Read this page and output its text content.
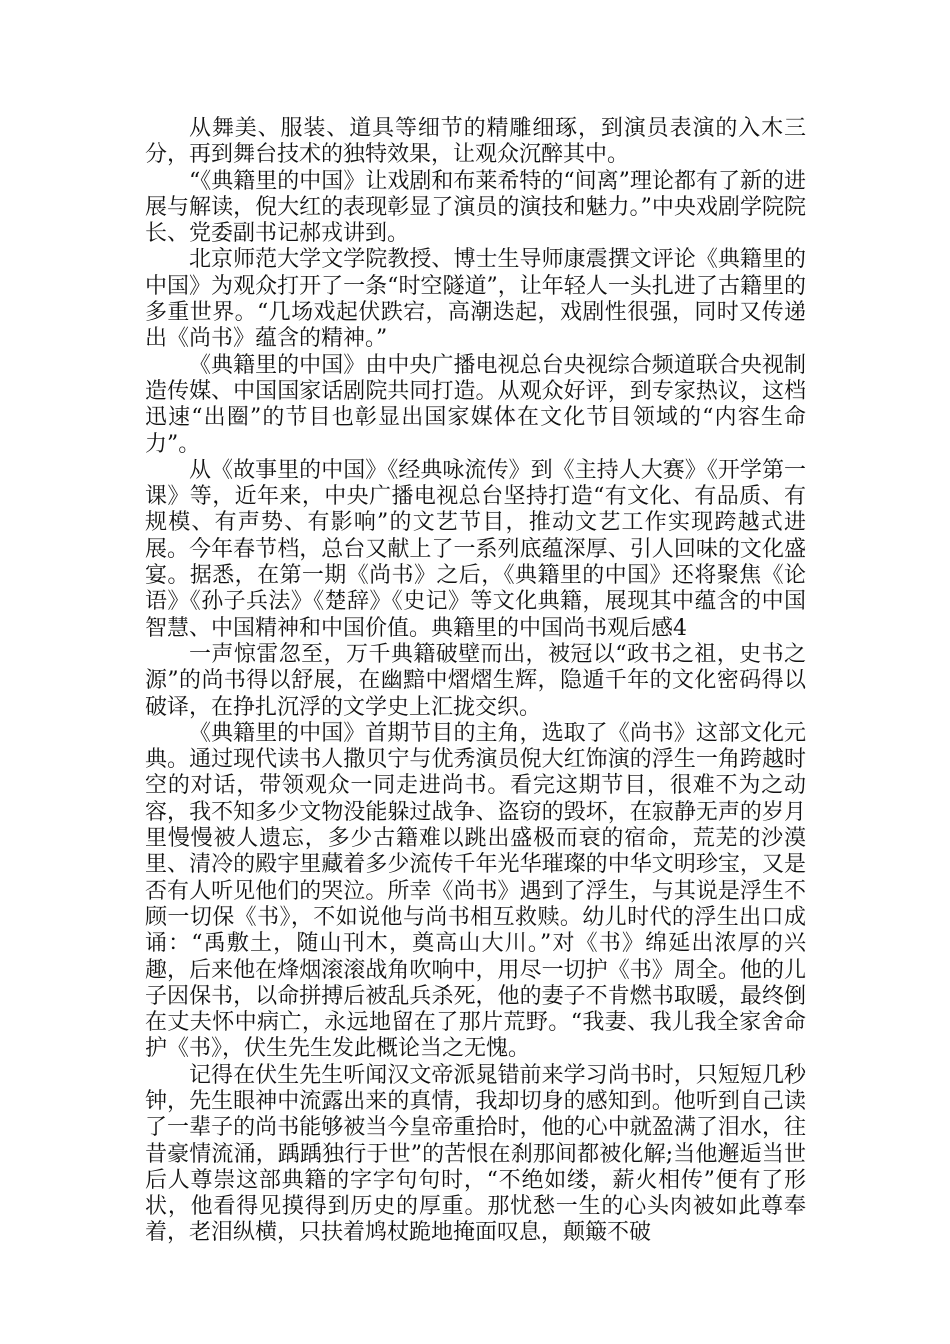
从舞美、服装、道具等细节的精雕细琢，到演员表演的入木三分，再到舞台技术的独特效果，让观众沉醉其中。

“《典籍里的中国》让戏剧和布莱希特的“间离”理论都有了新的进展与解读，倪大红的表现彰显了演员的演技和魅力。”中央戏剧学院院长、党委副书记郝戎讲到。

北京师范大学文学院教授、博士生导师康震撰文评论《典籍里的中国》为观众打开了一条“时空隧道”，让年轻人一头扎进了古籍里的多重世界。“几场戏起伏跌宕，高潮迭起，戏剧性很强，同时又传递出《尚书》蕴含的精神。”

《典籍里的中国》由中央广播电视总台央视综合频道联合央视制造传媒、中国国家话剧院共同打造。从观众好评，到专家热议，这档迅速“出圈”的节目也彰显出国家媒体在文化节目领域的“内容生命力”。

从《故事里的中国》《经典咏流传》到《主持人大赛》《开学第一课》等，近年来，中央广播电视总台坚持打造“有文化、有品质、有规模、有声势、有影响”的文艺节目，推动文艺工作实现跨越式进展。今年春节档，总台又献上了一系列底蕴深厚、引人回味的文化盛宴。据悉，在第一期《尚书》之后，《典籍里的中国》还将聚焦《论语》《孙子兵法》《楚辞》《史记》等文化典籍，展现其中蕴含的中国智慧、中国精神和中国价值。典籍里的中国尚书观后感4

一声惊雷忽至，万千典籍破壁而出，被冠以“政书之祖，史书之源”的尚书得以舒展，在幽黯中熠熠生辉，隐遁千年的文化密码得以破译，在挣扎沉浮的文学史上汇拢交织。

《典籍里的中国》首期节目的主角，选取了《尚书》这部文化元典。通过现代读书人撒贝宁与优秀演员倪大红饰演的浮生一角跨越时空的对话，带领观众一同走进尚书。看完这期节目，很难不为之动容，我不知多少文物没能躲过战争、盗窃的毁坏，在寂静无声的岁月里慢慢被人遗忘，多少古籍难以跳出盛极而衰的宿命，荒芜的沙漠里、清冷的殿宇里藏着多少流传千年光华璀璨的中华文明珍宝，又是否有人听见他们的哭泣。所幸《尚书》遇到了浮生，与其说是浮生不顾一切保《书》，不如说他与尚书相互救赎。幼儿时代的浮生出口成诵：“禹敷土，随山刊木，奠高山大川。”对《书》绵延出浓厚的兴趣，后来他在烽烟滚滚战角吹响中，用尽一切护《书》周全。他的儿子因保书，以命拼搏后被乱兵杀死，他的妻子不肯燃书取暖，最终倒在丈夫怀中病亡，永远地留在了那片荒野。“我妻、我儿我全家舍命护《书》，伏生先生发此概论当之无愧。

记得在伏生先生听闻汉文帝派晁错前来学习尚书时，只短短几秒钟，先生眼神中流露出来的真情，我却切身的感知到。他听到自己读了一辈子的尚书能够被当今皇帝重拾时，他的心中就盈满了泪水，往昔豪情流涌，踽踽独行于世”的苦恨在刹那间都被化解;当他邂逅当世后人尊崇这部典籍的字字句句时，“不绝如缕，薪火相传”便有了形状，他看得见摸得到历史的厚重。那忧愁一生的心头肉被如此尊奉着，老泪纵横，只扶着鸠杖跪地掩面叹息，颠簸不破
